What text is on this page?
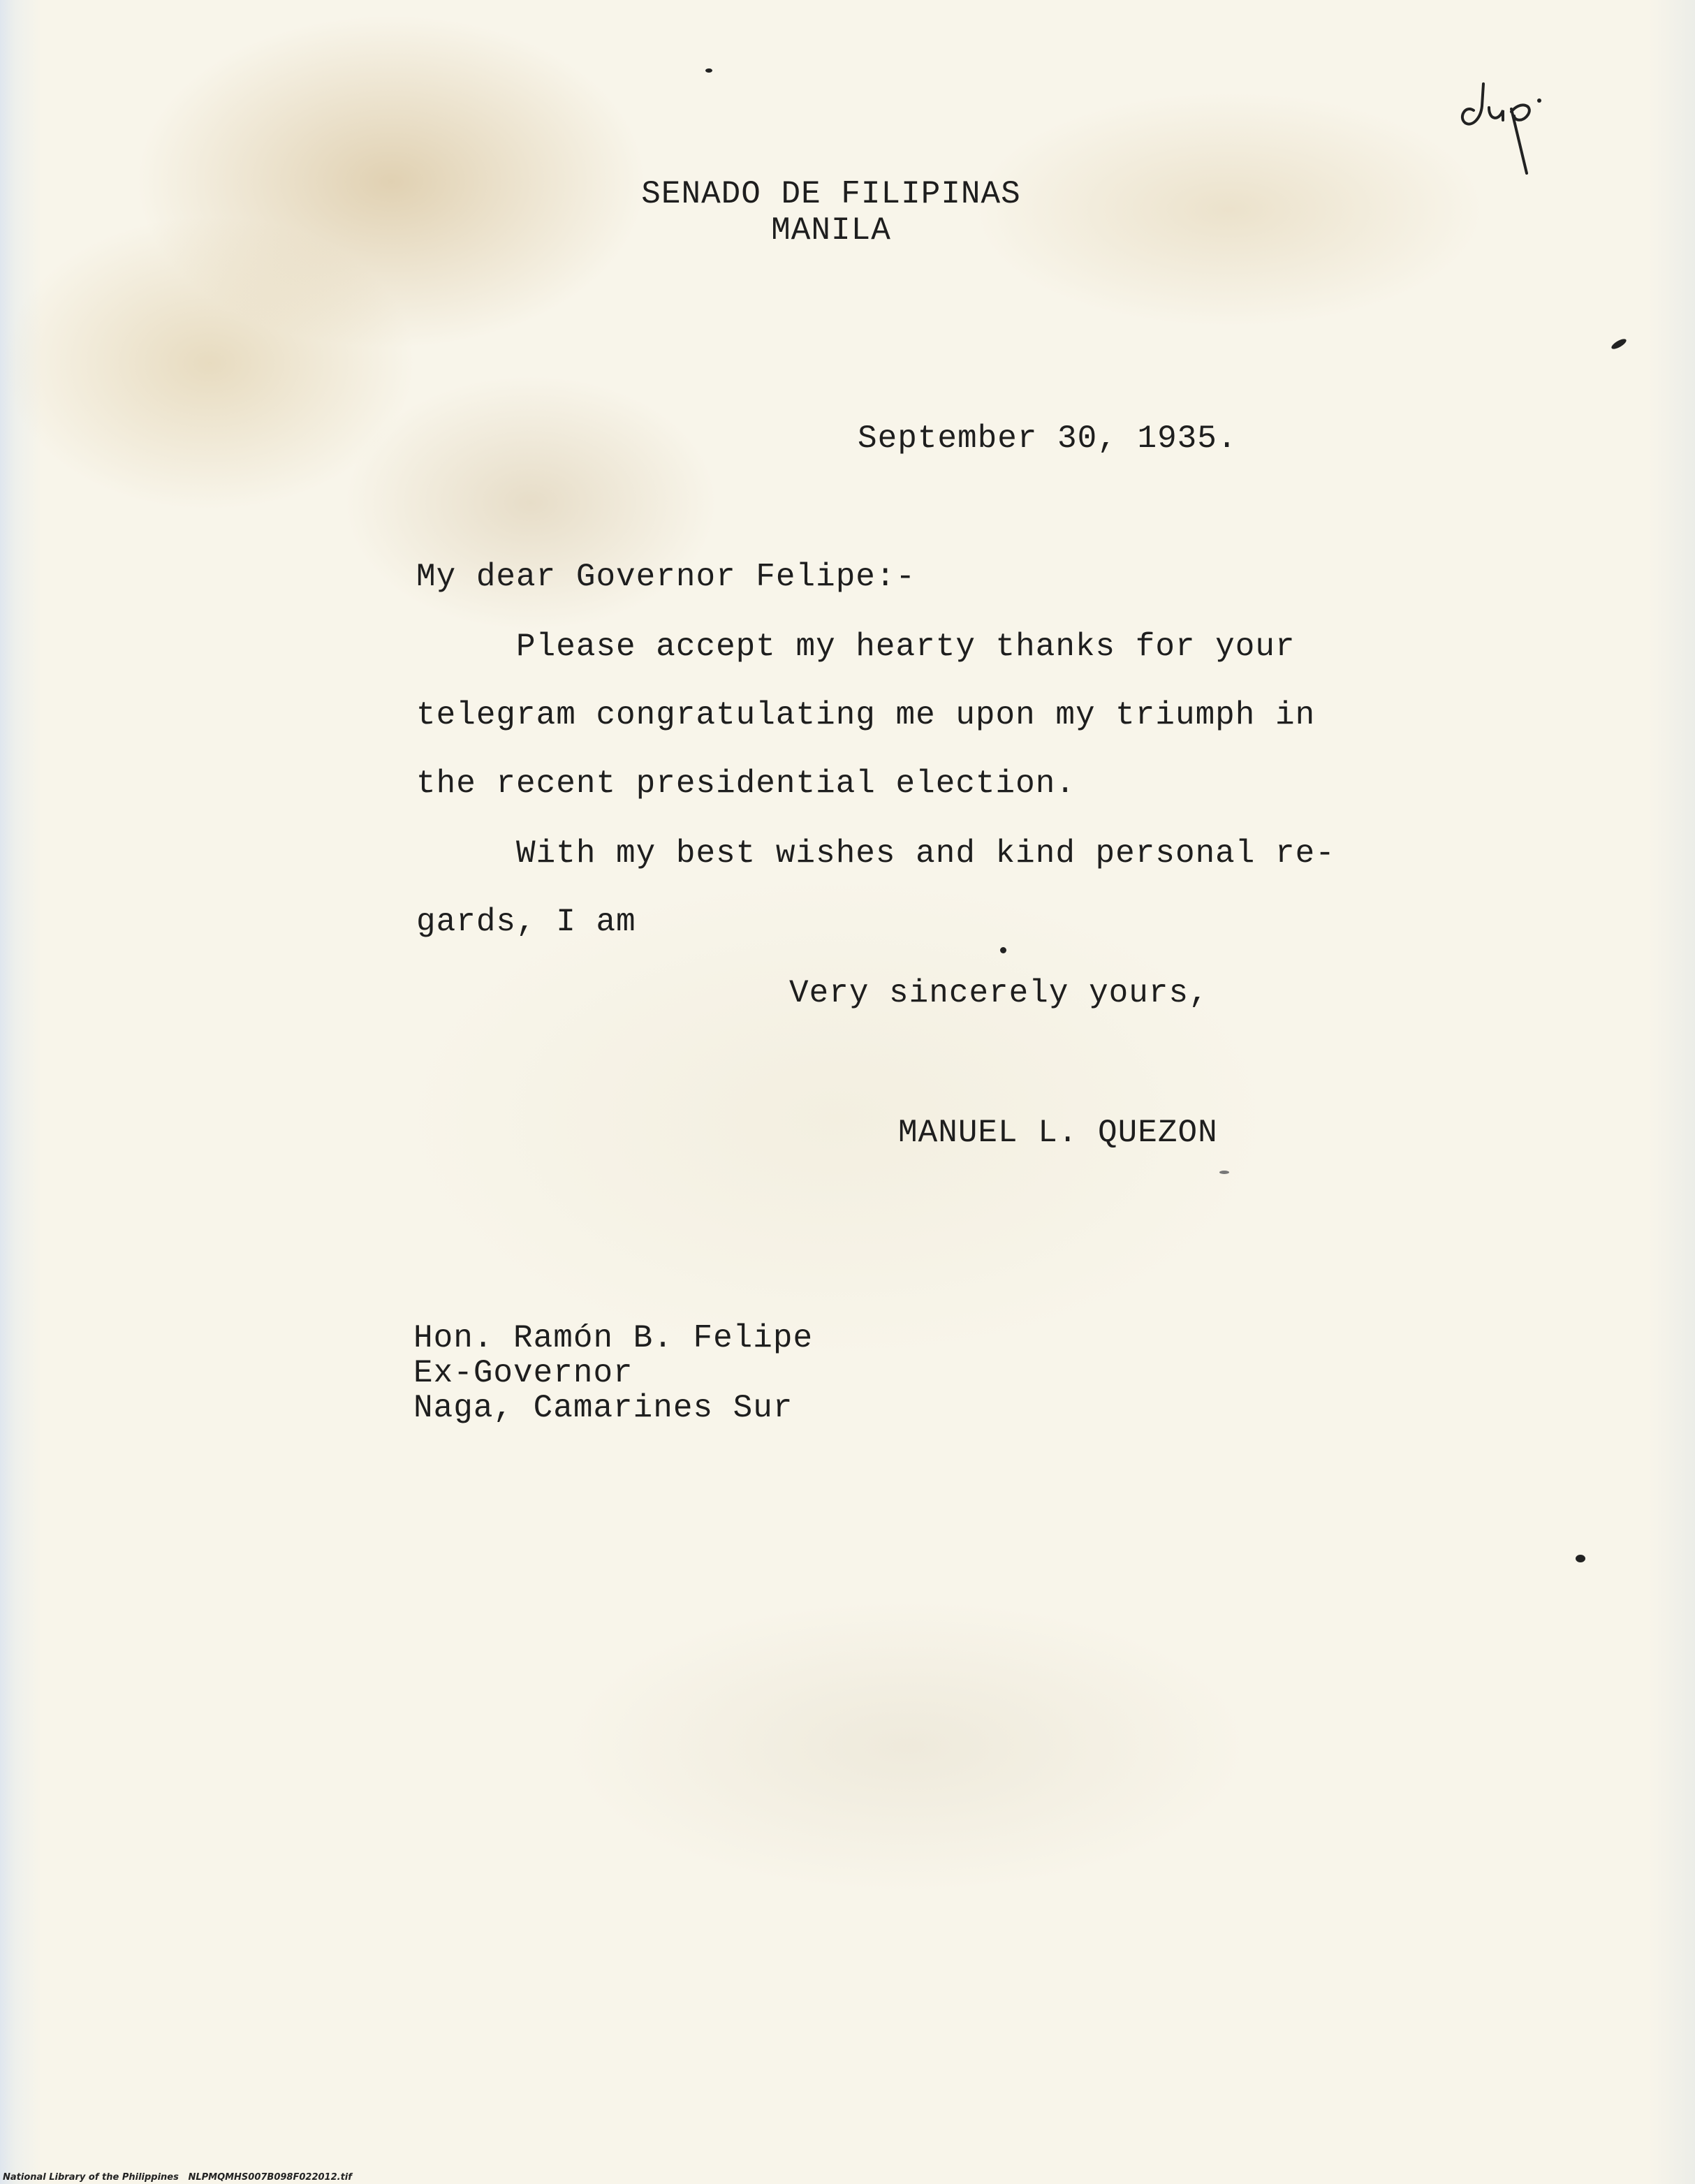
SENADO DE FILIPINAS
MANILA
September 30, 1935.
My dear Governor Felipe:-
Please accept my hearty thanks for your
telegram congratulating me upon my triumph in
the recent presidential election.
With my best wishes and kind personal re-
gards, I am
Very sincerely yours,
MANUEL L. QUEZON
Hon. Ramón B. Felipe
Ex-Governor
Naga, Camarines Sur
National Library of the Philippines NLPMQMHS007B098F022012.tif
